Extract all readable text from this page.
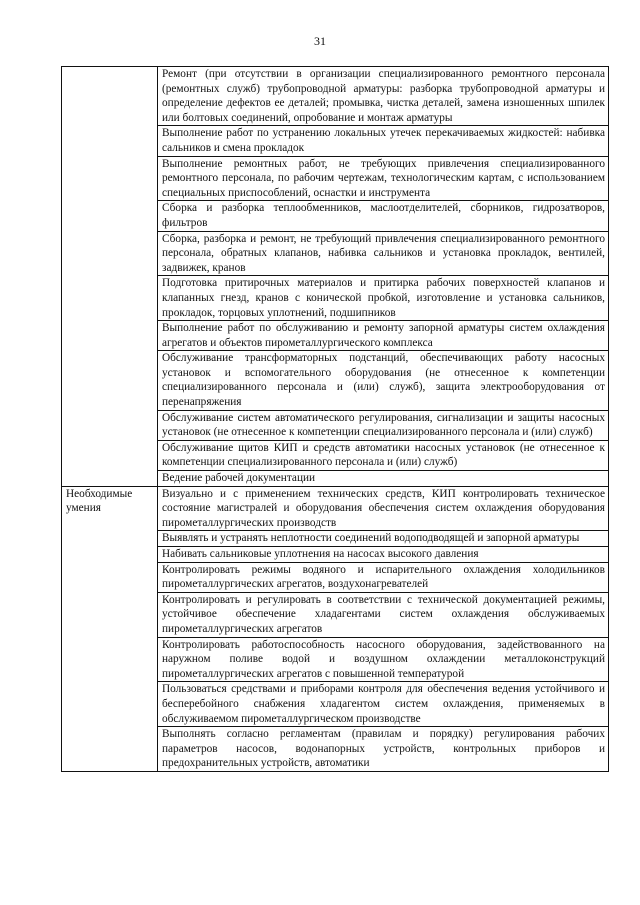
31
	Ремонт (при отсутствии в организации специализированного ремонтного персонала (ремонтных служб) трубопроводной арматуры: разборка трубопроводной арматуры и определение дефектов ее деталей; промывка, чистка деталей, замена изношенных шпилек или болтовых соединений, опробование и монтаж арматуры
	Выполнение работ по устранению локальных утечек перекачиваемых жидкостей: набивка сальников и смена прокладок
	Выполнение ремонтных работ, не требующих привлечения специализированного ремонтного персонала, по рабочим чертежам, технологическим картам, с использованием специальных приспособлений, оснастки и инструмента
	Сборка и разборка теплообменников, маслоотделителей, сборников, гидрозатворов, фильтров
	Сборка, разборка и ремонт, не требующий привлечения специализированного ремонтного персонала, обратных клапанов, набивка сальников и установка прокладок, вентилей, задвижек, кранов
	Подготовка притирочных материалов и притирка рабочих поверхностей клапанов и клапанных гнезд, кранов с конической пробкой, изготовление и установка сальников, прокладок, торцовых уплотнений, подшипников
	Выполнение работ по обслуживанию и ремонту запорной арматуры систем охлаждения агрегатов и объектов пирометаллургического комплекса
	Обслуживание трансформаторных подстанций, обеспечивающих работу насосных установок и вспомогательного оборудования (не отнесенное к компетенции специализированного персонала и (или) служб), защита электрооборудования от перенапряжения
	Обслуживание систем автоматического регулирования, сигнализации и защиты насосных установок (не отнесенное к компетенции специализированного персонала и (или) служб)
	Обслуживание щитов КИП и средств автоматики насосных установок (не отнесенное к компетенции специализированного персонала и (или) служб)
	Ведение рабочей документации
Необходимые умения	Визуально и с применением технических средств, КИП контролировать техническое состояние магистралей и оборудования обеспечения систем охлаждения оборудования пирометаллургических производств
	Выявлять и устранять неплотности соединений водоподводящей и запорной арматуры
	Набивать сальниковые уплотнения на насосах высокого давления
	Контролировать режимы водяного и испарительного охлаждения холодильников пирометаллургических агрегатов, воздухонагревателей
	Контролировать и регулировать в соответствии с технической документацией режимы, устойчивое обеспечение хладагентами систем охлаждения обслуживаемых пирометаллургических агрегатов
	Контролировать работоспособность насосного оборудования, задействованного на наружном поливе водой и воздушном охлаждении металлоконструкций пирометаллургических агрегатов с повышенной температурой
	Пользоваться средствами и приборами контроля для обеспечения ведения устойчивого и бесперебойного снабжения хладагентом систем охлаждения, применяемых в обслуживаемом пирометаллургическом производстве
	Выполнять согласно регламентам (правилам и порядку) регулирования рабочих параметров насосов, водонапорных устройств, контрольных приборов и предохранительных устройств, автоматики
